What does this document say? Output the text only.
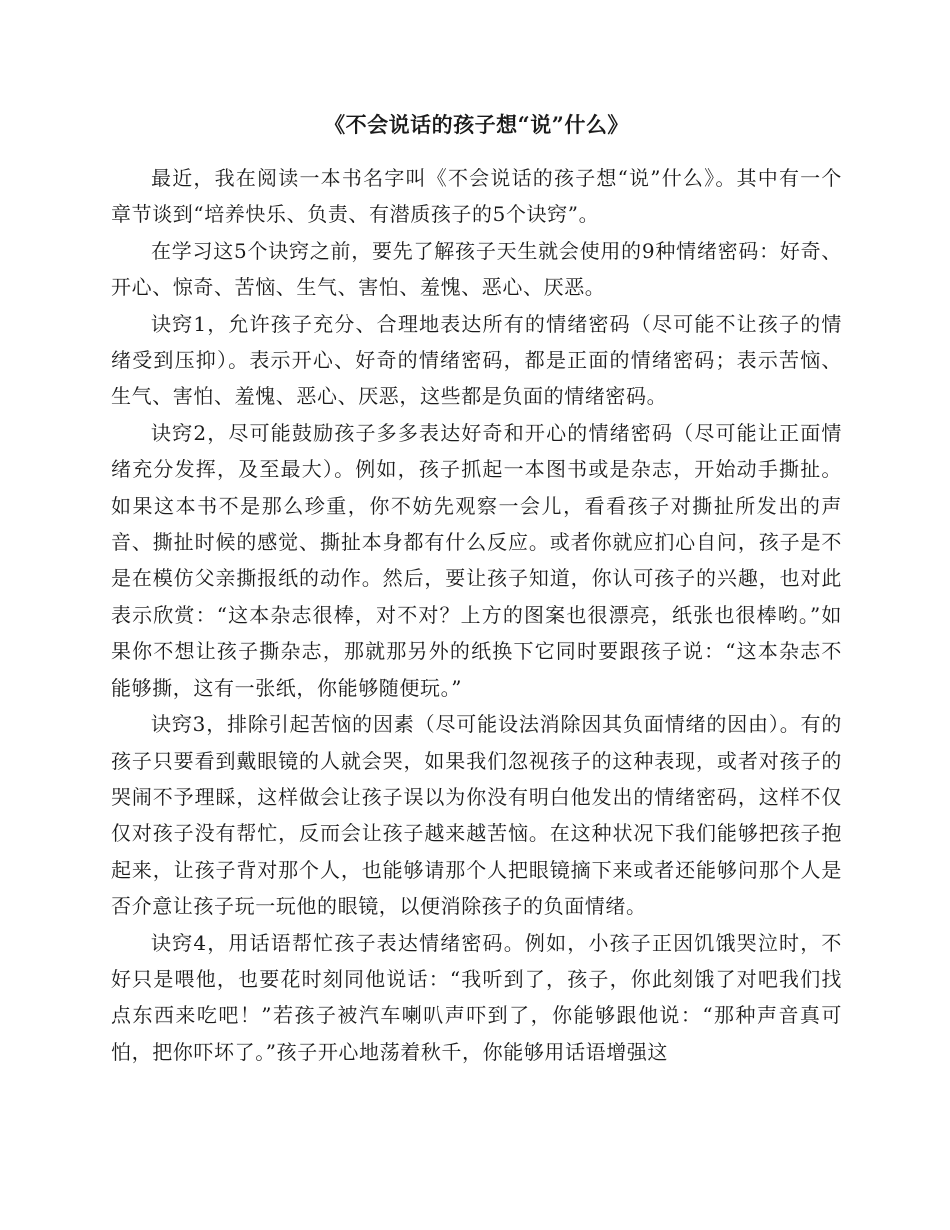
《不会说话的孩子想“说”什么》

最近，我在阅读一本书名字叫《不会说话的孩子想“说”什么》。其中有一个章节谈到“培养快乐、负责、有潜质孩子的5个诀窍”。

在学习这5个诀窍之前，要先了解孩子天生就会使用的9种情绪密码：好奇、开心、惊奇、苦恼、生气、害怕、羞愧、恶心、厌恶。

诀窍1，允许孩子充分、合理地表达所有的情绪密码（尽可能不让孩子的情绪受到压抑）。表示开心、好奇的情绪密码，都是正面的情绪密码；表示苦恼、生气、害怕、羞愧、恶心、厌恶，这些都是负面的情绪密码。

诀窍2，尽可能鼓励孩子多多表达好奇和开心的情绪密码（尽可能让正面情绪充分发挥，及至最大）。例如，孩子抓起一本图书或是杂志，开始动手撕扯。如果这本书不是那么珍重，你不妨先观察一会儿，看看孩子对撕扯所发出的声音、撕扯时候的感觉、撕扯本身都有什么反应。或者你就应扪心自问，孩子是不是在模仿父亲撕报纸的动作。然后，要让孩子知道，你认可孩子的兴趣，也对此表示欣赏：“这本杂志很棒，对不对？上方的图案也很漂亮，纸张也很棒哟。”如果你不想让孩子撕杂志，那就那另外的纸换下它同时要跟孩子说：“这本杂志不能够撕，这有一张纸，你能够随便玩。”

诀窍3，排除引起苦恼的因素（尽可能设法消除因其负面情绪的因由）。有的孩子只要看到戴眼镜的人就会哭，如果我们忽视孩子的这种表现，或者对孩子的哭闹不予理睬，这样做会让孩子误以为你没有明白他发出的情绪密码，这样不仅仅对孩子没有帮忙，反而会让孩子越来越苦恼。在这种状况下我们能够把孩子抱起来，让孩子背对那个人，也能够请那个人把眼镜摘下来或者还能够问那个人是否介意让孩子玩一玩他的眼镜，以便消除孩子的负面情绪。

诀窍4，用话语帮忙孩子表达情绪密码。例如，小孩子正因饥饿哭泣时，不好只是喂他，也要花时刻同他说话：“我听到了，孩子，你此刻饿了对吧我们找点东西来吃吧！”若孩子被汽车喇叭声吓到了，你能够跟他说：“那种声音真可怕，把你吓坏了。”孩子开心地荡着秋千，你能够用话语增强这
